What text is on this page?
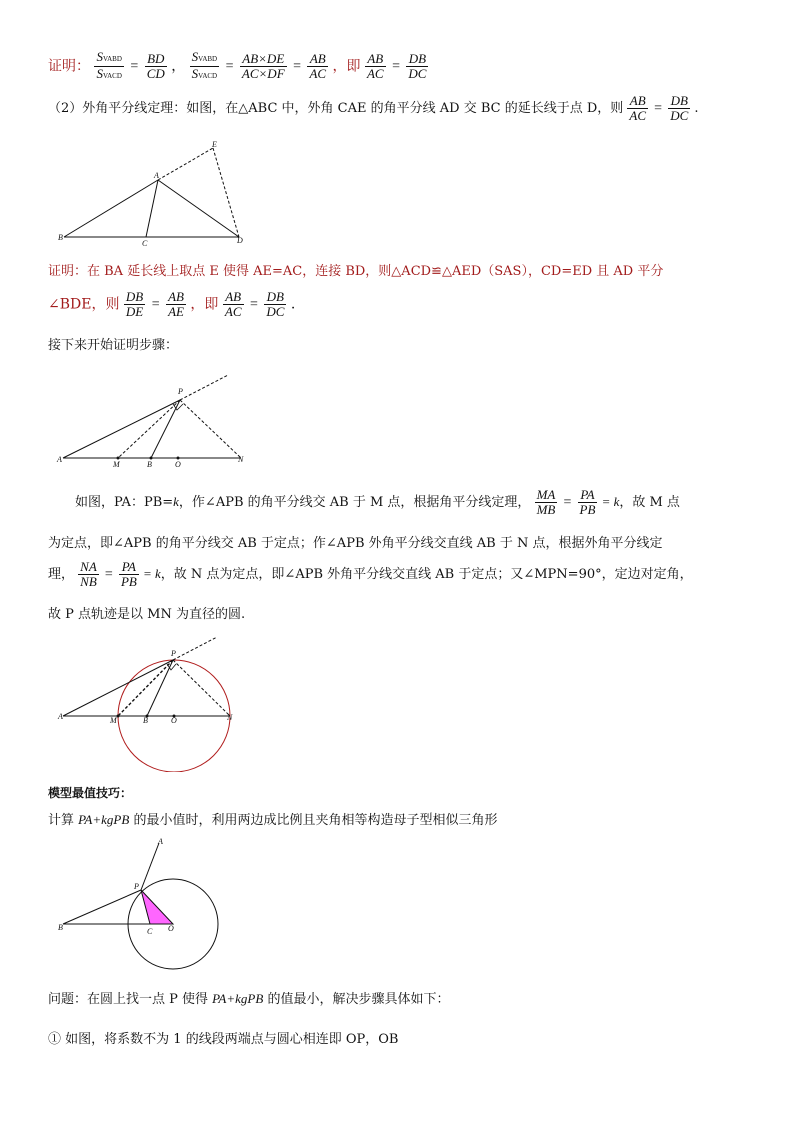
证明： $\frac{\text{SVABD}}{\text{SVACD}} = \frac{BD}{CD}$ ， $\frac{\text{SVABD}}{\text{SVACD}} = \frac{AB\times DE}{AC\times DF} = \frac{AB}{AC}$ ，即 $\frac{AB}{AC} = \frac{DB}{DC}$
（2）外角平分线定理：如图，在△ABC 中，外角 CAE 的角平分线 AD 交 BC 的延长线于点 D，则 $\frac{AB}{AC} = \frac{DB}{DC}$ .
E
A
B
C	D
证明：在 BA 延长线上取点 E 使得 AE=AC，连接 BD，则△ACD≌△AED（SAS），CD=ED 且 AD 平分
∠BDE，则 $\frac{DB}{DE} = \frac{AB}{AE}$ ，即 $\frac{AB}{AC} = \frac{DB}{DC}$ .
接下来开始证明步骤：
P
A
M	B	O
N
如图，PA：PB=k，作∠APB 的角平分线交 AB 于 M 点，根据角平分线定理， $\frac{MA}{MB} = \frac{PA}{PB} = k$，故 M 点
为定点，即∠APB 的角平分线交 AB 于定点；作∠APB 外角平分线交直线 AB 于 N 点，根据外角平分线定
理， $\frac{NA}{NB} = \frac{PA}{PB} = k$，故 N 点为定点，即∠APB 外角平分线交直线 AB 于定点；又∠MPN=90°，定边对定角，
故 P 点轨迹是以 MN 为直径的圆.
P
A	M	B	O	N
模型最值技巧：
计算 PA+kgPB 的最小值时，利用两边成比例且夹角相等构造母子型相似三角形
A
P
B	C O
问题：在圆上找一点 P 使得 PA+kgPB 的值最小，解决步骤具体如下：
① 如图，将系数不为 1 的线段两端点与圆心相连即 OP，OB
